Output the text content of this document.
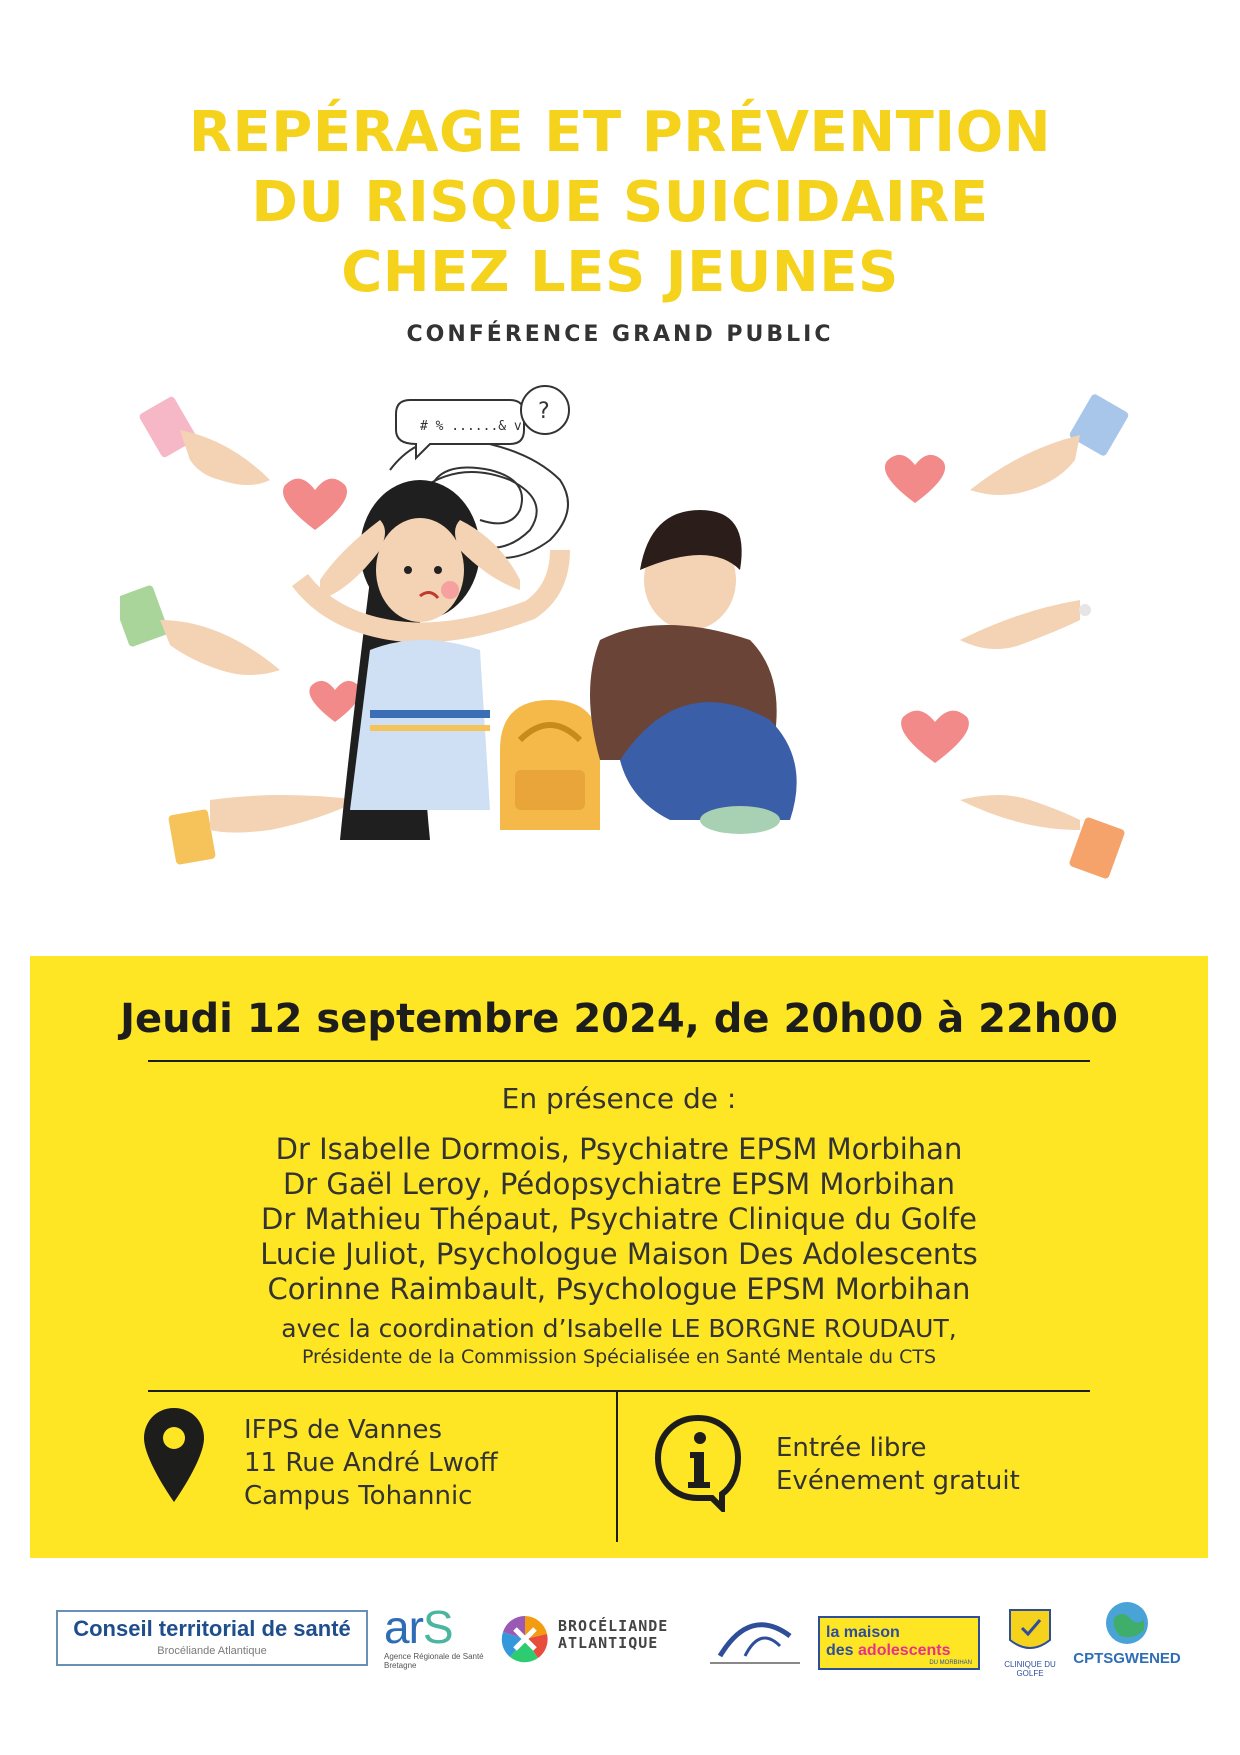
REPÉRAGE ET PRÉVENTION
DU RISQUE SUICIDAIRE
CHEZ LES JEUNES
CONFÉRENCE GRAND PUBLIC
# % ......& v
?
Jeudi 12 septembre 2024, de 20h00 à 22h00
En présence de :
Dr Isabelle Dormois, Psychiatre EPSM Morbihan
Dr Gaël Leroy, Pédopsychiatre EPSM Morbihan
Dr Mathieu Thépaut, Psychiatre Clinique du Golfe
Lucie Juliot, Psychologue Maison Des Adolescents
Corinne Raimbault, Psychologue EPSM Morbihan
avec la coordination d’Isabelle LE BORGNE ROUDAUT,
Présidente de la Commission Spécialisée en Santé Mentale du CTS
IFPS de Vannes
11 Rue André Lwoff
Campus Tohannic
Entrée libre
Evénement gratuit
Conseil territorial de santé
Brocéliande Atlantique	arS
Agence Régionale de Santé Bretagne
BROCÉLIANDE
ATLANTIQUE
la maison
des adolescents
DU MORBIHAN	CLINIQUE DU GOLFE
CPTSGWENED
